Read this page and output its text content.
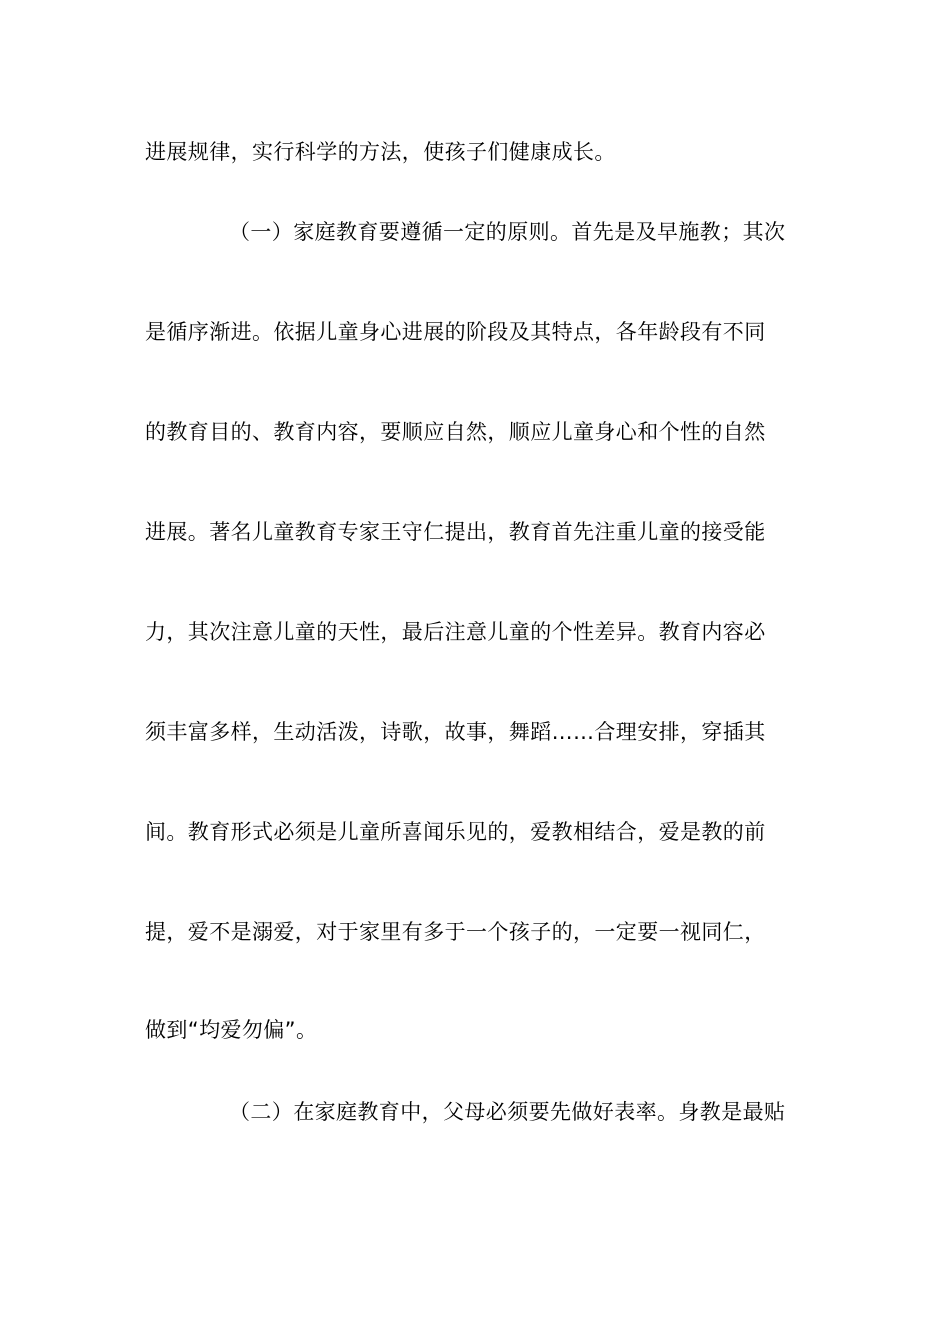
进展规律，实行科学的方法，使孩子们健康成长。
（一）家庭教育要遵循一定的原则。首先是及早施教；其次
是循序渐进。依据儿童身心进展的阶段及其特点，各年龄段有不同
的教育目的、教育内容，要顺应自然，顺应儿童身心和个性的自然
进展。著名儿童教育专家王守仁提出，教育首先注重儿童的接受能
力，其次注意儿童的天性，最后注意儿童的个性差异。教育内容必
须丰富多样，生动活泼，诗歌，故事，舞蹈……合理安排，穿插其
间。教育形式必须是儿童所喜闻乐见的，爱教相结合，爱是教的前
提，爱不是溺爱，对于家里有多于一个孩子的，一定要一视同仁，
做到“均爱勿偏”。
（二）在家庭教育中，父母必须要先做好表率。身教是最贴
